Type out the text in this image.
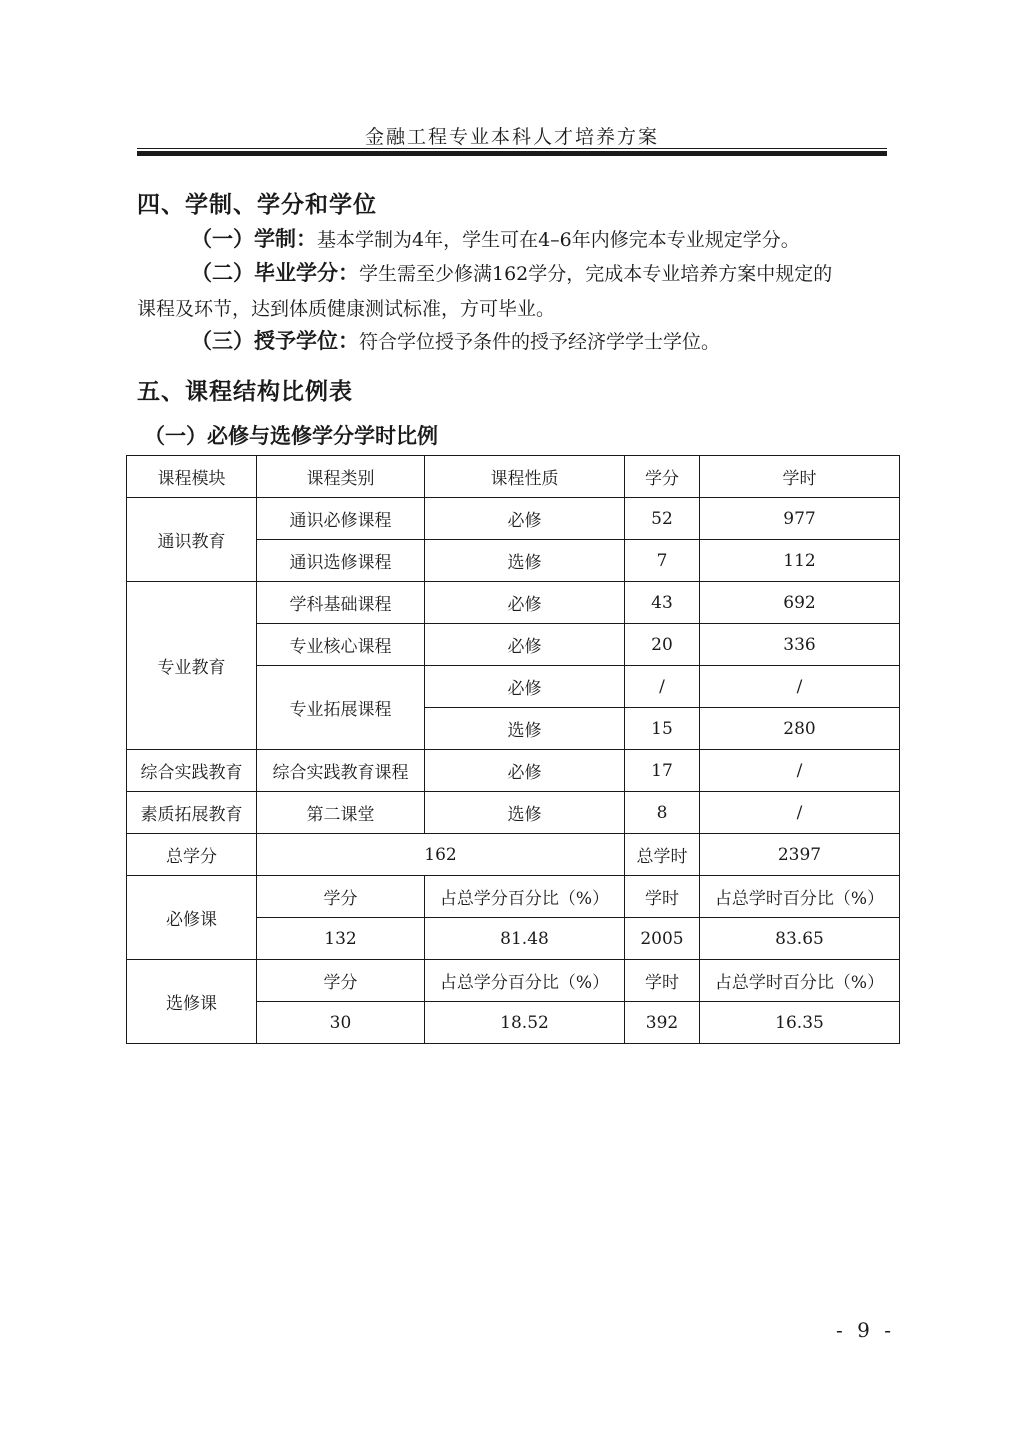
金融工程专业本科人才培养方案
四、学制、学分和学位
（一）学制：基本学制为4年，学生可在4–6年内修完本专业规定学分。
（二）毕业学分：学生需至少修满162学分，完成本专业培养方案中规定的
课程及环节，达到体质健康测试标准，方可毕业。
（三）授予学位：符合学位授予条件的授予经济学学士学位。
五、课程结构比例表
（一）必修与选修学分学时比例
课程模块	课程类别	课程性质	学分	学时
通识教育	通识必修课程	必修	52	977
	通识选修课程	选修	7	112
专业教育	学科基础课程	必修	43	692
	专业核心课程	必修	20	336
	专业拓展课程	必修	/	/
		选修	15	280
综合实践教育	综合实践教育课程	必修	17	/
素质拓展教育	第二课堂	选修	8	/
总学分	162		总学时	2397
必修课	学分	占总学分百分比（%）	学时	占总学时百分比（%）
	132	81.48	2005	83.65
选修课	学分	占总学分百分比（%）	学时	占总学时百分比（%）
	30	18.52	392	16.35
- 9 -
